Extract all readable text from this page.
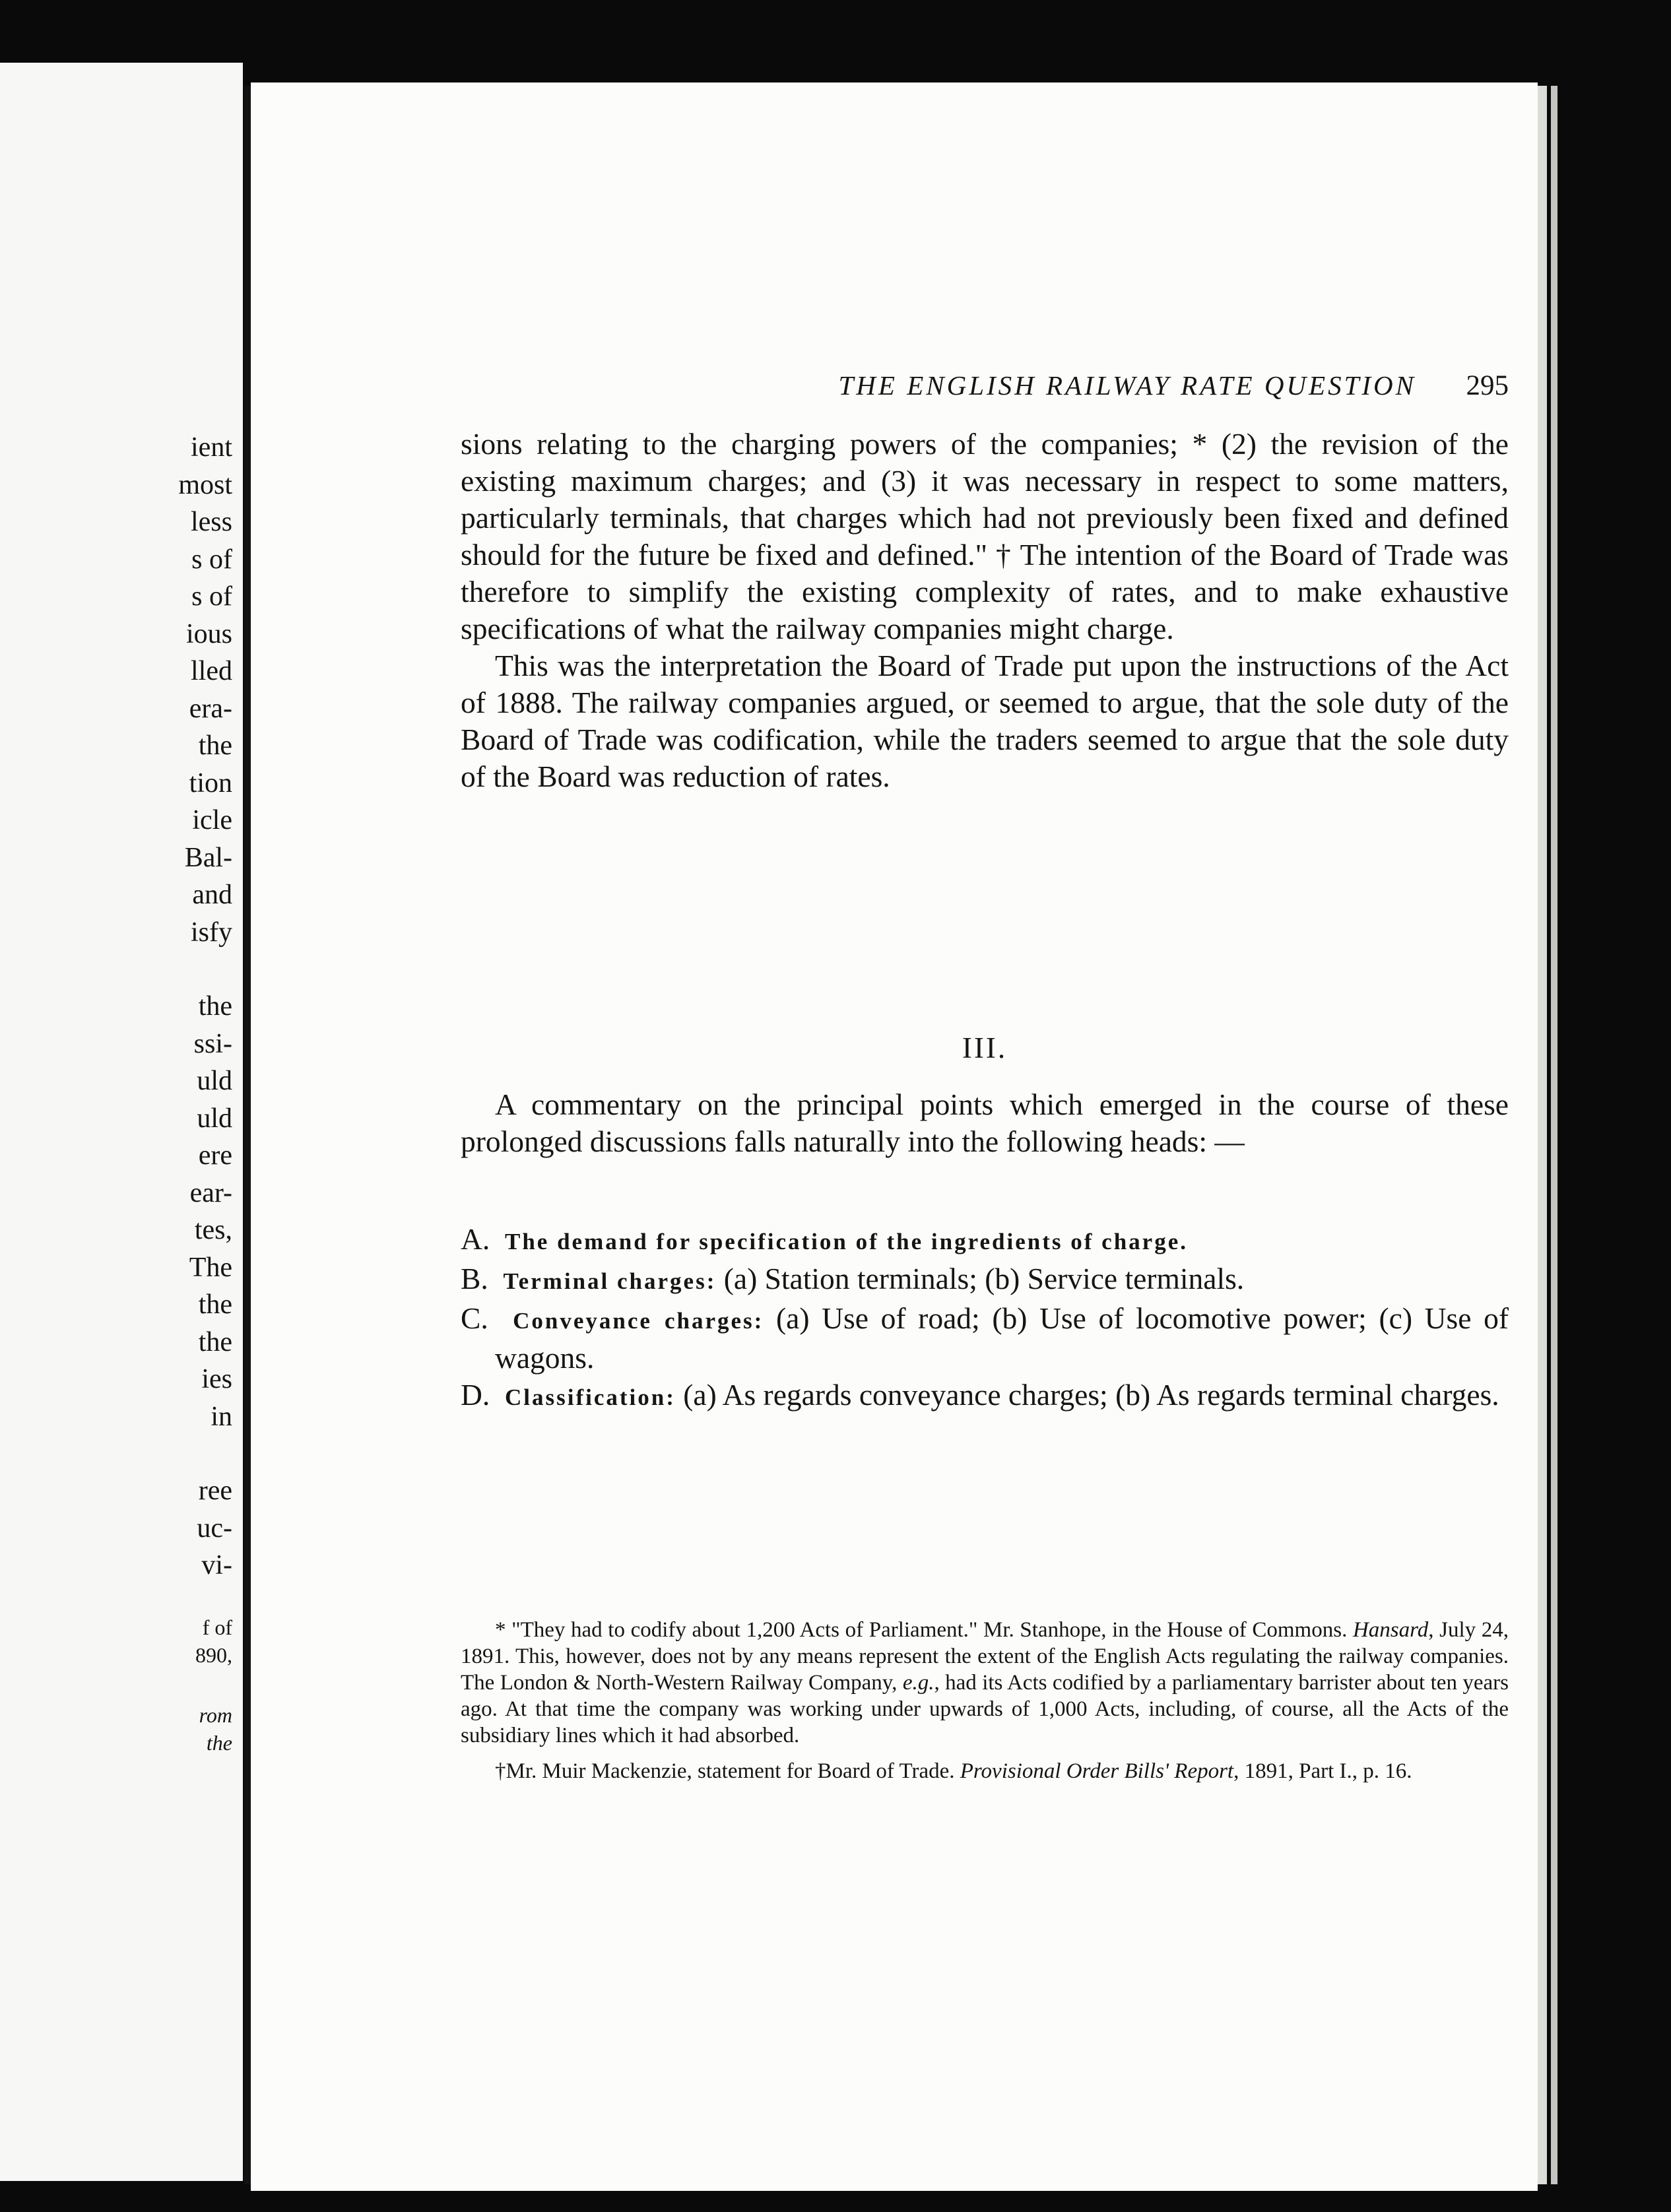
ient
most
less
s of
s of
ious
lled
era-
the
tion
icle
Bal-
and
isfy
the
ssi-
uld
uld
ere
ear-
tes,
The
the
the
ies
in
ree
uc-
vi-
f of
890,
rom
the
THE ENGLISH RAILWAY RATE QUESTION 295

sions relating to the charging powers of the companies; * (2) the revision of the existing maximum charges; and (3) it was necessary in respect to some matters, particularly terminals, that charges which had not previously been fixed and defined should for the future be fixed and defined." † The intention of the Board of Trade was therefore to simplify the existing complexity of rates, and to make exhaustive specifications of what the railway companies might charge.

This was the interpretation the Board of Trade put upon the instructions of the Act of 1888. The railway companies argued, or seemed to argue, that the sole duty of the Board of Trade was codification, while the traders seemed to argue that the sole duty of the Board was reduction of rates.

III.

A commentary on the principal points which emerged in the course of these prolonged discussions falls naturally into the following heads: —

A. The demand for specification of the ingredients of charge.

B. Terminal charges: (a) Station terminals; (b) Service terminals.

C. Conveyance charges: (a) Use of road; (b) Use of locomotive power; (c) Use of wagons.

D. Classification: (a) As regards conveyance charges; (b) As regards terminal charges.

* "They had to codify about 1,200 Acts of Parliament." Mr. Stanhope, in the House of Commons. Hansard, July 24, 1891. This, however, does not by any means represent the extent of the English Acts regulating the railway companies. The London & North-Western Railway Company, e.g., had its Acts codified by a parliamentary barrister about ten years ago. At that time the company was working under upwards of 1,000 Acts, including, of course, all the Acts of the subsidiary lines which it had absorbed.

†Mr. Muir Mackenzie, statement for Board of Trade. Provisional Order Bills' Report, 1891, Part I., p. 16.
